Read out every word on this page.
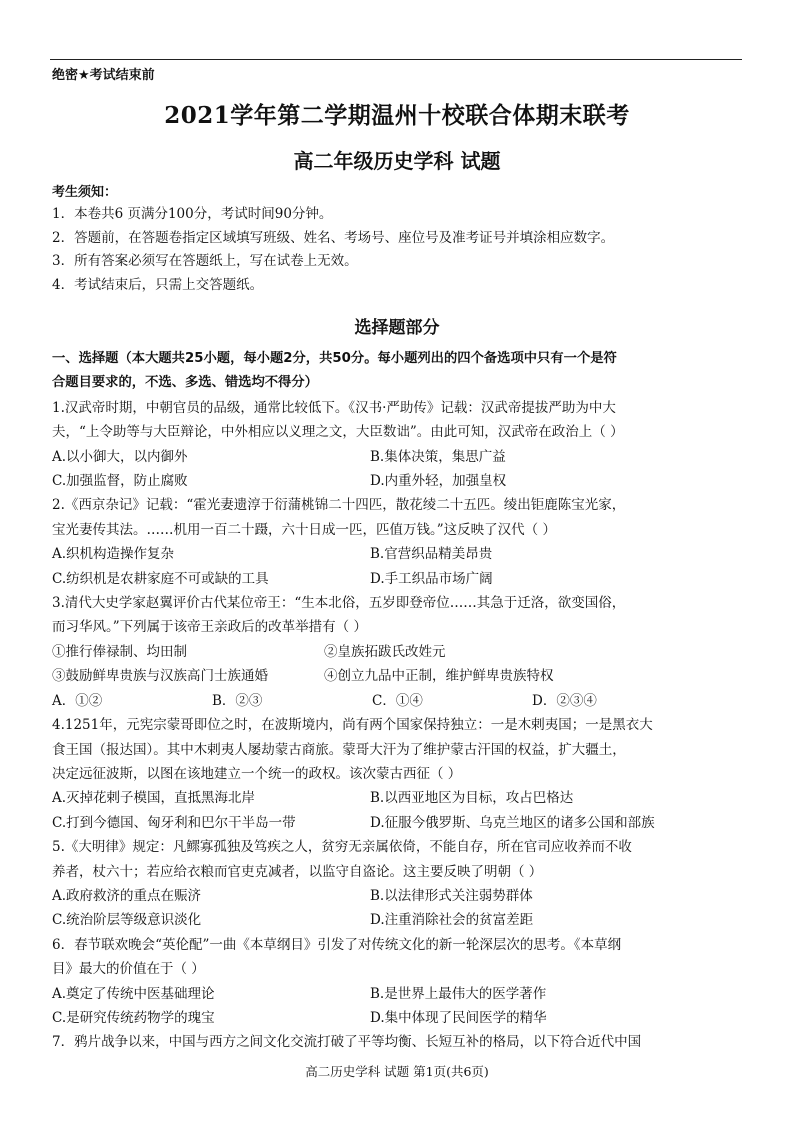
绝密★考试结束前
2021学年第二学期温州十校联合体期末联考
高二年级历史学科 试题
考生须知：
1．本卷共6 页满分100分，考试时间90分钟。
2．答题前，在答题卷指定区域填写班级、姓名、考场号、座位号及准考证号并填涂相应数字。
3．所有答案必须写在答题纸上，写在试卷上无效。
4．考试结束后，只需上交答题纸。
选择题部分
一、选择题（本大题共25小题，每小题2分，共50分。每小题列出的四个备选项中只有一个是符
合题目要求的，不选、多选、错选均不得分）
1.汉武帝时期，中朝官员的品级，通常比较低下。《汉书·严助传》记载：汉武帝提拔严助为中大
夫，“上令助等与大臣辩论，中外相应以义理之文，大臣数诎”。由此可知，汉武帝在政治上（ ）
A.以小御大，以内御外	B.集体决策，集思广益
C.加强监督，防止腐败	D.内重外轻，加强皇权
2.《西京杂记》记载：“霍光妻遗淳于衍蒲桃锦二十四匹，散花绫二十五匹。绫出钜鹿陈宝光家，
宝光妻传其法。……机用一百二十蹑，六十日成一匹，匹值万钱。”这反映了汉代（ ）
A.织机构造操作复杂	B.官营织品精美昂贵
C.纺织机是农耕家庭不可或缺的工具	D.手工织品市场广阔
3.清代大史学家赵翼评价古代某位帝王：“生本北俗，五岁即登帝位……其急于迁洛，欲变国俗，
而习华风。”下列属于该帝王亲政后的改革举措有（ ）
①推行俸禄制、均田制	②皇族拓跋氏改姓元
③鼓励鲜卑贵族与汉族高门士族通婚	④创立九品中正制，维护鲜卑贵族特权
A．①②	B．②③	C．①④	D．②③④
4.1251年，元宪宗蒙哥即位之时，在波斯境内，尚有两个国家保持独立：一是木剌夷国；一是黑衣大
食王国（报达国）。其中木剌夷人屡劫蒙古商旅。蒙哥大汗为了维护蒙古汗国的权益，扩大疆土，
决定远征波斯，以图在该地建立一个统一的政权。该次蒙古西征（ ）
A.灭掉花剌子模国，直抵黑海北岸	B.以西亚地区为目标，攻占巴格达
C.打到今德国、匈牙利和巴尔干半岛一带	D.征服今俄罗斯、乌克兰地区的诸多公国和部族
5.《大明律》规定：凡鳏寡孤独及笃疾之人，贫穷无亲属依倚，不能自存，所在官司应收养而不收
养者，杖六十；若应给衣粮而官吏克减者，以监守自盗论。这主要反映了明朝（ ）
A.政府救济的重点在赈济	B.以法律形式关注弱势群体
C.统治阶层等级意识淡化	D.注重消除社会的贫富差距
6．春节联欢晚会“英伦配”一曲《本草纲目》引发了对传统文化的新一轮深层次的思考。《本草纲
目》最大的价值在于（ ）
A.奠定了传统中医基础理论	B.是世界上最伟大的医学著作
C.是研究传统药物学的瑰宝	D.集中体现了民间医学的精华
7．鸦片战争以来，中国与西方之间文化交流打破了平等均衡、长短互补的格局，以下符合近代中国
高二历史学科 试题 第1页(共6页)
